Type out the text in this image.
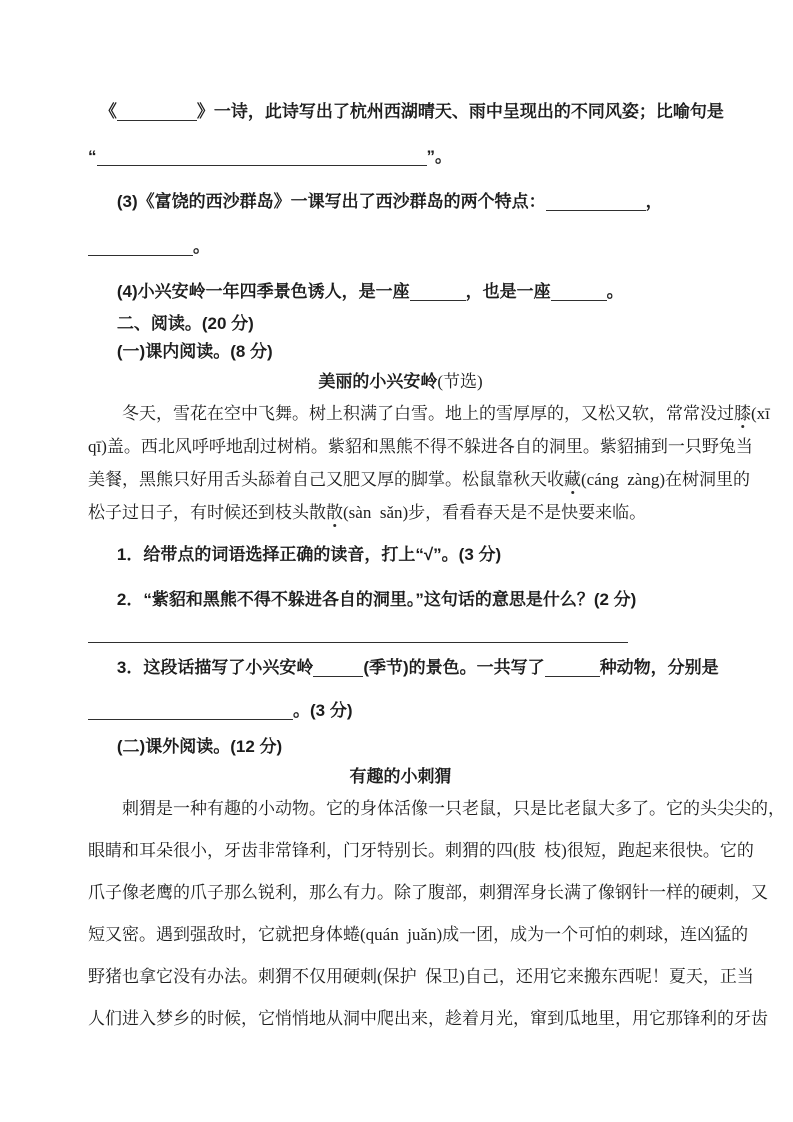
《	》一诗，此诗写出了杭州西湖晴天、雨中呈现出的不同风姿；比喻句是
“	”。
(3)《富饶的西沙群岛》一课写出了西沙群岛的两个特点：	，
。
(4)小兴安岭一年四季景色诱人，是一座	，也是一座	。
二、阅读。(20 分)
(一)课内阅读。(8 分)
美丽的小兴安岭(节选)
冬天，雪花在空中飞舞。树上积满了白雪。地上的雪厚厚的，又松又软，常常没过膝(xī
qī)盖。西北风呼呼地刮过树梢。紫貂和黑熊不得不躲进各自的洞里。紫貂捕到一只野兔当
美餐，黑熊只好用舌头舔着自己又肥又厚的脚掌。松鼠靠秋天收藏(cáng  zàng)在树洞里的
松子过日子，有时候还到枝头散散(sàn  sǎn)步，看看春天是不是快要来临。
1．给带点的词语选择正确的读音，打上“√”。(3 分)
2．“紫貂和黑熊不得不躲进各自的洞里。”这句话的意思是什么？(2 分)
3．这段话描写了小兴安岭	(季节)的景色。一共写了	种动物，分别是
。(3 分)
(二)课外阅读。(12 分)
有趣的小刺猬
刺猬是一种有趣的小动物。它的身体活像一只老鼠，只是比老鼠大多了。它的头尖尖的，
眼睛和耳朵很小，牙齿非常锋利，门牙特别长。刺猬的四(肢  枝)很短，跑起来很快。它的
爪子像老鹰的爪子那么锐利，那么有力。除了腹部，刺猬浑身长满了像钢针一样的硬刺，又
短又密。遇到强敌时，它就把身体蜷(quán  juǎn)成一团，成为一个可怕的刺球，连凶猛的
野猪也拿它没有办法。刺猬不仅用硬刺(保护  保卫)自己，还用它来搬东西呢！夏天，正当
人们进入梦乡的时候，它悄悄地从洞中爬出来，趁着月光，窜到瓜地里，用它那锋利的牙齿
